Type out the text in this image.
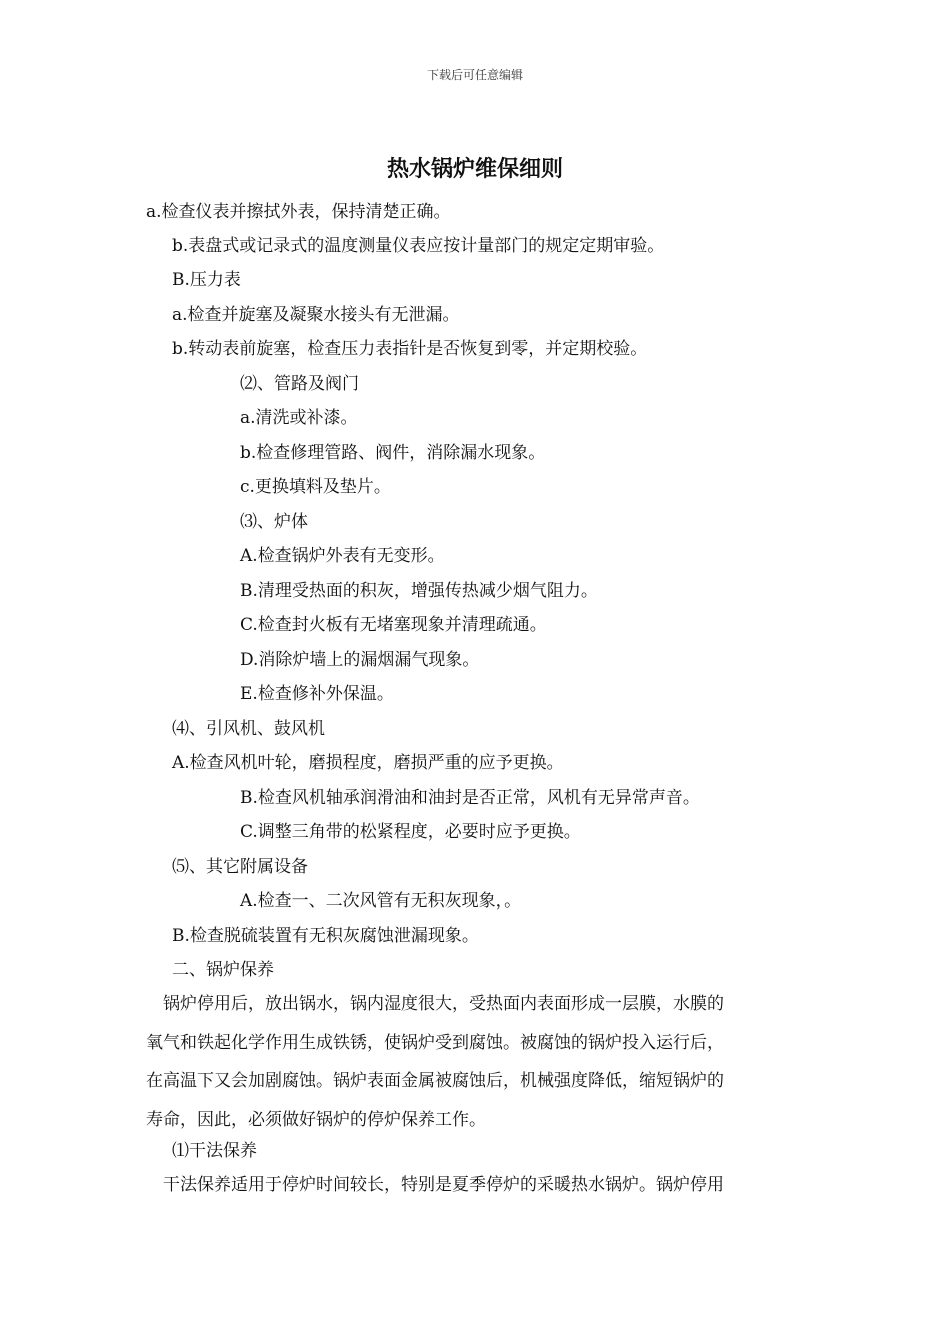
下载后可任意编辑
热水锅炉维保细则
a.检查仪表并擦拭外表，保持清楚正确。
b.表盘式或记录式的温度测量仪表应按计量部门的规定定期审验。
B.压力表
a.检查并旋塞及凝聚水接头有无泄漏。
b.转动表前旋塞，检查压力表指针是否恢复到零，并定期校验。
⑵、管路及阀门
a.清洗或补漆。
b.检查修理管路、阀件，消除漏水现象。
c.更换填料及垫片。
⑶、炉体
A.检查锅炉外表有无变形。
B.清理受热面的积灰，增强传热减少烟气阻力。
C.检查封火板有无堵塞现象并清理疏通。
D.消除炉墙上的漏烟漏气现象。
E.检查修补外保温。
⑷、引风机、鼓风机
A.检查风机叶轮，磨损程度，磨损严重的应予更换。
B.检查风机轴承润滑油和油封是否正常，风机有无异常声音。
C.调整三角带的松紧程度，必要时应予更换。
⑸、其它附属设备
A.检查一、二次风管有无积灰现象，。
B.检查脱硫装置有无积灰腐蚀泄漏现象。
二、锅炉保养

　锅炉停用后，放出锅水，锅内湿度很大，受热面内表面形成一层膜，水膜的

氧气和铁起化学作用生成铁锈，使锅炉受到腐蚀。被腐蚀的锅炉投入运行后，

在高温下又会加剧腐蚀。锅炉表面金属被腐蚀后，机械强度降低，缩短锅炉的

寿命，因此，必须做好锅炉的停炉保养工作。

⑴干法保养
　干法保养适用于停炉时间较长，特别是夏季停炉的采暖热水锅炉。锅炉停用
